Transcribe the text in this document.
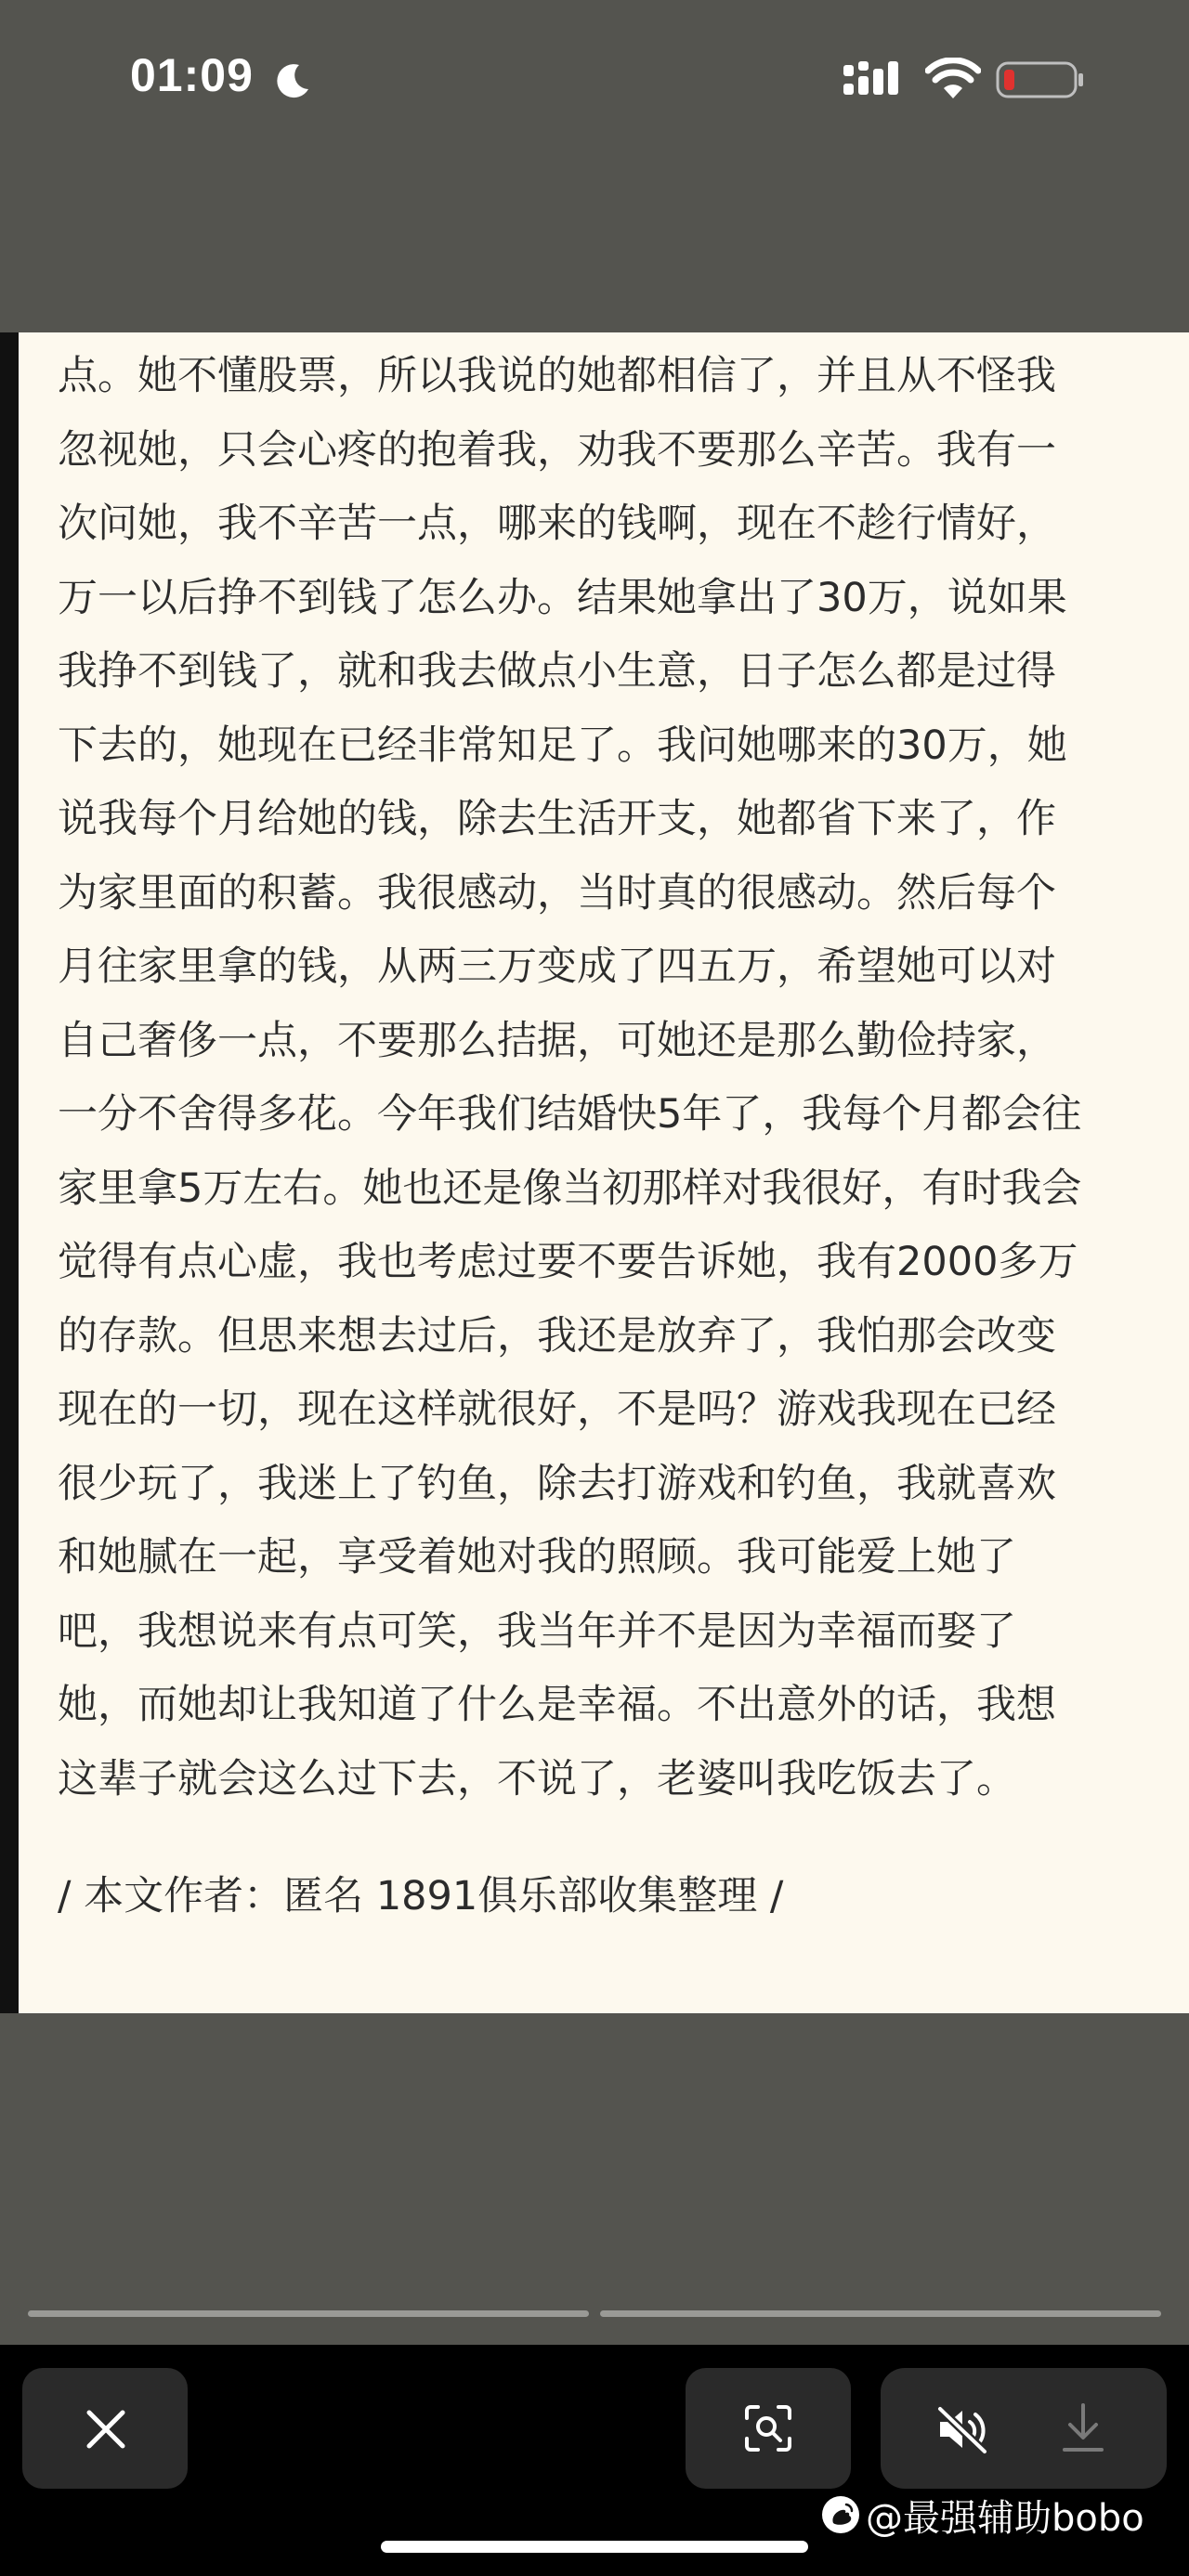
01:09
点。她不懂股票，所以我说的她都相信了，并且从不怪我
忽视她，只会心疼的抱着我，劝我不要那么辛苦。我有一
次问她，我不辛苦一点，哪来的钱啊，现在不趁行情好，
万一以后挣不到钱了怎么办。结果她拿出了30万，说如果
我挣不到钱了，就和我去做点小生意，日子怎么都是过得
下去的，她现在已经非常知足了。我问她哪来的30万，她
说我每个月给她的钱，除去生活开支，她都省下来了，作
为家里面的积蓄。我很感动，当时真的很感动。然后每个
月往家里拿的钱，从两三万变成了四五万，希望她可以对
自己奢侈一点，不要那么拮据，可她还是那么勤俭持家，
一分不舍得多花。今年我们结婚快5年了，我每个月都会往
家里拿5万左右。她也还是像当初那样对我很好，有时我会
觉得有点心虚，我也考虑过要不要告诉她，我有2000多万
的存款。但思来想去过后，我还是放弃了，我怕那会改变
现在的一切，现在这样就很好，不是吗？游戏我现在已经
很少玩了，我迷上了钓鱼，除去打游戏和钓鱼，我就喜欢
和她腻在一起，享受着她对我的照顾。我可能爱上她了
吧，我想说来有点可笑，我当年并不是因为幸福而娶了
她，而她却让我知道了什么是幸福。不出意外的话，我想
这辈子就会这么过下去，不说了，老婆叫我吃饭去了。
/ 本文作者：匿名 1891俱乐部收集整理 /
@最强辅助bobo
